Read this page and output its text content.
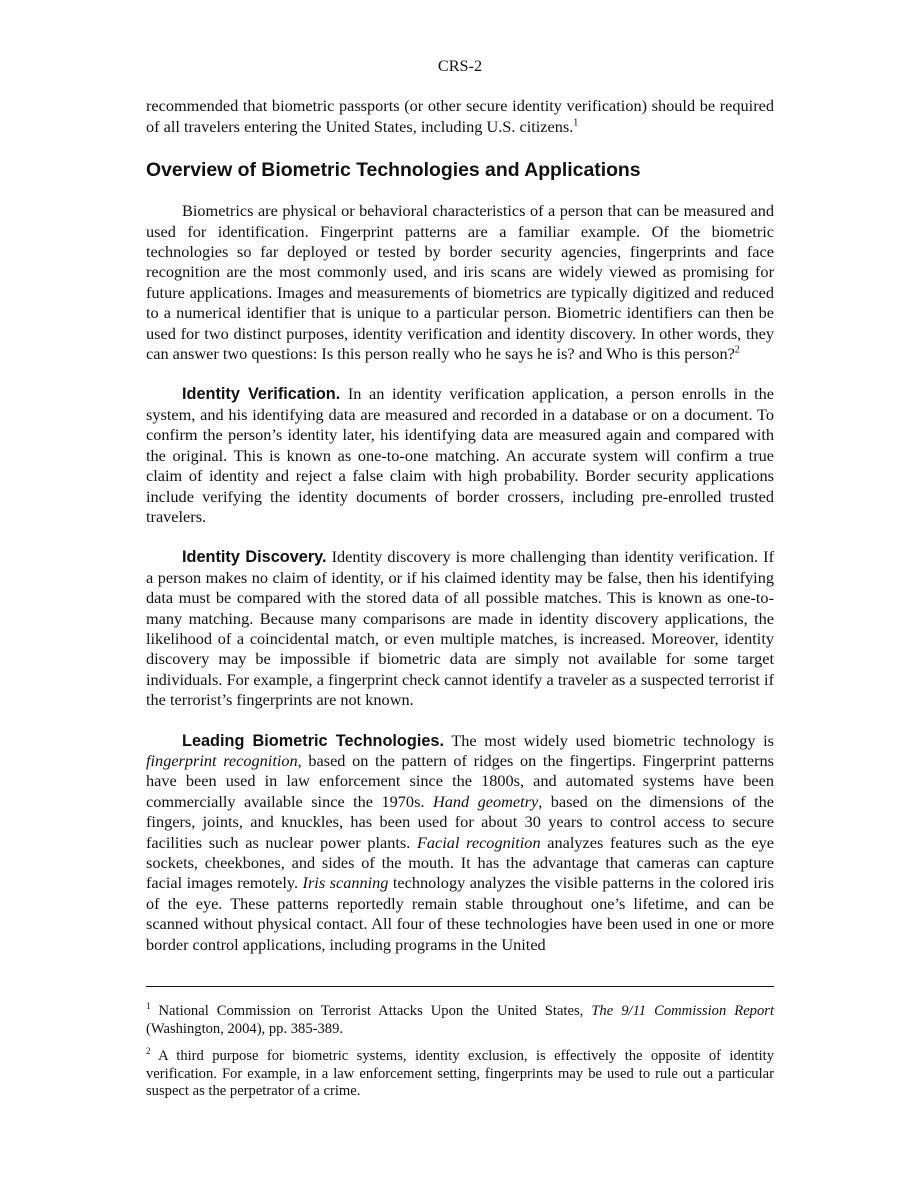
CRS-2

recommended that biometric passports (or other secure identity verification) should be required of all travelers entering the United States, including U.S. citizens.$^1$

Overview of Biometric Technologies and Applications

Biometrics are physical or behavioral characteristics of a person that can be measured and used for identification. Fingerprint patterns are a familiar example. Of the biometric technologies so far deployed or tested by border security agencies, fingerprints and face recognition are the most commonly used, and iris scans are widely viewed as promising for future applications. Images and measurements of biometrics are typically digitized and reduced to a numerical identifier that is unique to a particular person. Biometric identifiers can then be used for two distinct purposes, identity verification and identity discovery. In other words, they can answer two questions: Is this person really who he says he is? and Who is this person?$^2$

Identity Verification. In an identity verification application, a person enrolls in the system, and his identifying data are measured and recorded in a database or on a document. To confirm the person’s identity later, his identifying data are measured again and compared with the original. This is known as one-to-one matching. An accurate system will confirm a true claim of identity and reject a false claim with high probability. Border security applications include verifying the identity documents of border crossers, including pre-enrolled trusted travelers.

Identity Discovery. Identity discovery is more challenging than identity verification. If a person makes no claim of identity, or if his claimed identity may be false, then his identifying data must be compared with the stored data of all possible matches. This is known as one-to-many matching. Because many comparisons are made in identity discovery applications, the likelihood of a coincidental match, or even multiple matches, is increased. Moreover, identity discovery may be impossible if biometric data are simply not available for some target individuals. For example, a fingerprint check cannot identify a traveler as a suspected terrorist if the terrorist’s fingerprints are not known.

Leading Biometric Technologies. The most widely used biometric technology is fingerprint recognition, based on the pattern of ridges on the fingertips. Fingerprint patterns have been used in law enforcement since the 1800s, and automated systems have been commercially available since the 1970s. Hand geometry, based on the dimensions of the fingers, joints, and knuckles, has been used for about 30 years to control access to secure facilities such as nuclear power plants. Facial recognition analyzes features such as the eye sockets, cheekbones, and sides of the mouth. It has the advantage that cameras can capture facial images remotely. Iris scanning technology analyzes the visible patterns in the colored iris of the eye. These patterns reportedly remain stable throughout one’s lifetime, and can be scanned without physical contact. All four of these technologies have been used in one or more border control applications, including programs in the United

$^1$ National Commission on Terrorist Attacks Upon the United States, The 9/11 Commission Report (Washington, 2004), pp. 385-389.
$^2$ A third purpose for biometric systems, identity exclusion, is effectively the opposite of identity verification. For example, in a law enforcement setting, fingerprints may be used to rule out a particular suspect as the perpetrator of a crime.
